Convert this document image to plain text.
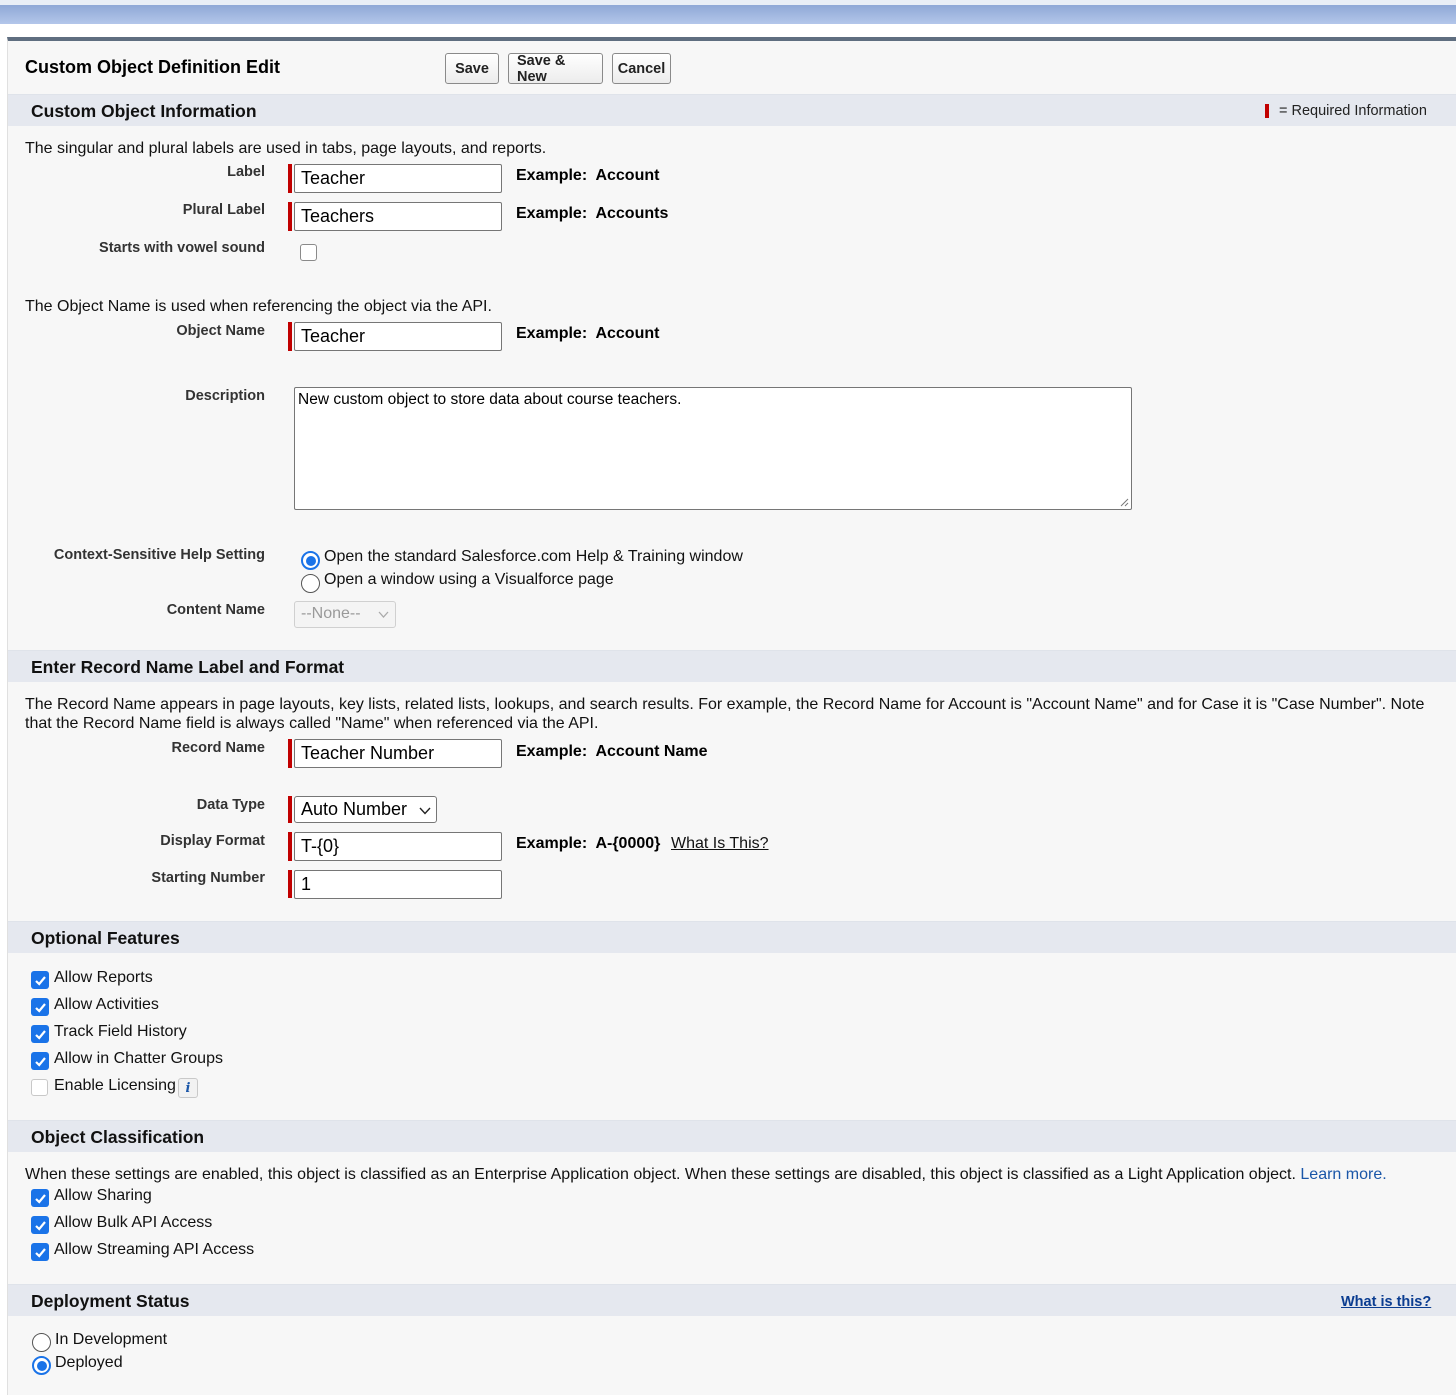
Custom Object Definition Edit	Save	Save & New	Cancel
Custom Object Information	= Required Information
The singular and plural labels are used in tabs, page layouts, and reports.
Label	Teacher	Example: Account
Plural Label	Teachers	Example: Accounts
Starts with vowel sound
The Object Name is used when referencing the object via the API.
Object Name	Teacher	Example: Account
Description New custom object to store data about course teachers.
Context-Sensitive Help Setting	Open the standard Salesforce.com Help & Training window
Open a window using a Visualforce page
Content Name	--None--
Enter Record Name Label and Format
The Record Name appears in page layouts, key lists, related lists, lookups, and search results. For example, the Record Name for Account is "Account Name" and for Case it is "Case Number". Note
that the Record Name field is always called "Name" when referenced via the API.
Record Name	Teacher Number	Example: Account Name
Data Type	Auto Number
Display Format	T-{0}	Example: A-{0000} What Is This?
Starting Number	1
Optional Features
Allow Reports
Allow Activities
Track Field History
Allow in Chatter Groups
Enable Licensing i
Object Classification
When these settings are enabled, this object is classified as an Enterprise Application object. When these settings are disabled, this object is classified as a Light Application object. Learn more.
Allow Sharing
Allow Bulk API Access
Allow Streaming API Access
Deployment Status	What is this?
In Development
Deployed
